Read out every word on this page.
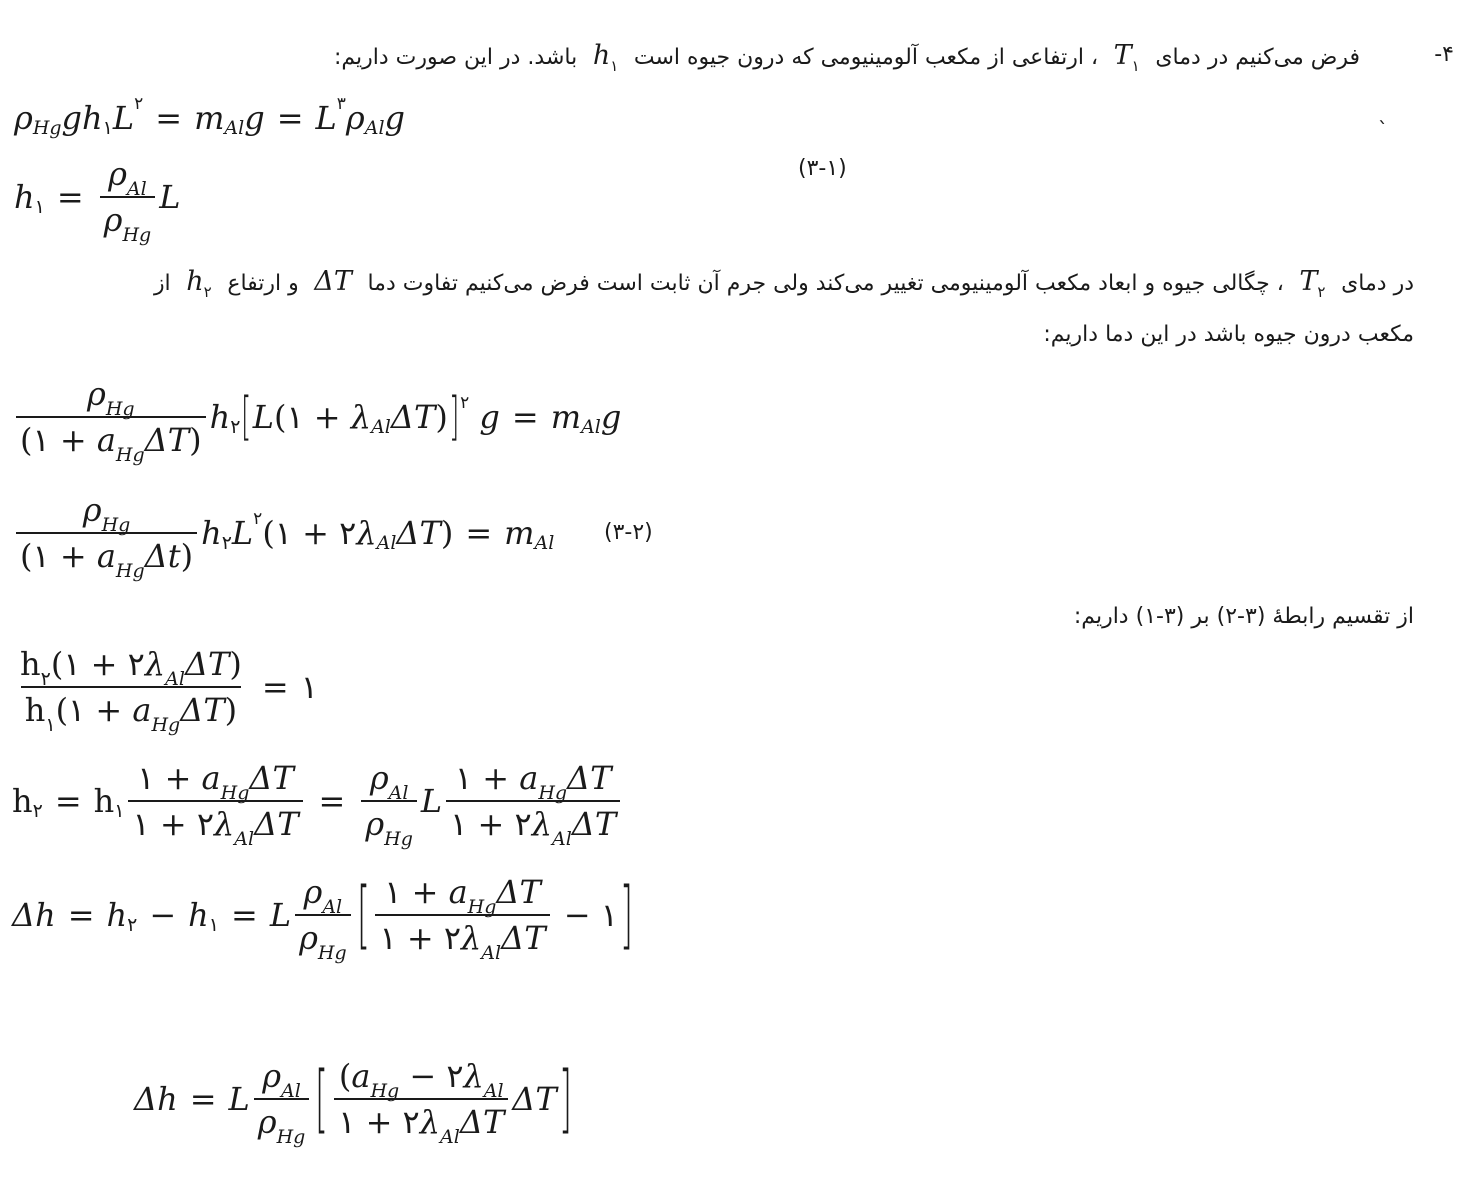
فرض می‌کنیم در دمای  $T_۱$  ، ارتفاعی از مکعب آلومینیومی که درون جیوه است  $h_۱$  باشد. در این صورت داریم:	۴-
ˎ
ρ Hg gh ۱ L ۲ = m Al g = L ۳ ρ Al g
h ۱ = $\frac{\rho_{Al}}{\rho_{Hg}}$ L
(۳-۱)
در دمای  $T_۲$  ، چگالی جیوه و ابعاد مکعب آلومینیومی تغییر می‌کند ولی جرم آن ثابت است فرض می‌کنیم تفاوت دما  ΔT  و ارتفاع  $h_۲$  از
مکعب درون جیوه باشد در این دما داریم:
$\frac{\rho_{Hg}}{(۱ + a_{Hg}\Delta T)}$ h ۲ [ L (۱ + λ Al ΔT ) ] ۲ g = m Al g
$\frac{\rho_{Hg}}{(۱ + a_{Hg}\Delta t)}$ h ۲ L ۲ (۱ + ۲ λ Al ΔT ) = m Al (۳-۲)
از تقسیم رابطهٔ (۳-۲) بر (۳-۱) داریم:
$\frac{h_۲(۱ + ۲\lambda_{Al}\Delta T)}{h_۱(۱ + a_{Hg}\Delta T)}$ = ۱
h ۲ = h ۱ $\frac{۱ + a_{Hg}\Delta T}{۱ + ۲\lambda_{Al}\Delta T} = \frac{\rho_{Al}}{\rho_{Hg}}$ L $\frac{۱ + a_{Hg}\Delta T}{۱ + ۲\lambda_{Al}\Delta T}$
Δh = h ۲ − h ۱ = L $\frac{\rho_{Al}}{\rho_{Hg}}$ [ $\frac{۱ + a_{Hg}\Delta T}{۱ + ۲\lambda_{Al}\Delta T}$ − ۱ ]
Δh = L $\frac{\rho_{Al}}{\rho_{Hg}}$ [ $\frac{(a_{Hg} - ۲\lambda_{Al}}{۱ + ۲\lambda_{Al}\Delta T}$ ΔT ]
